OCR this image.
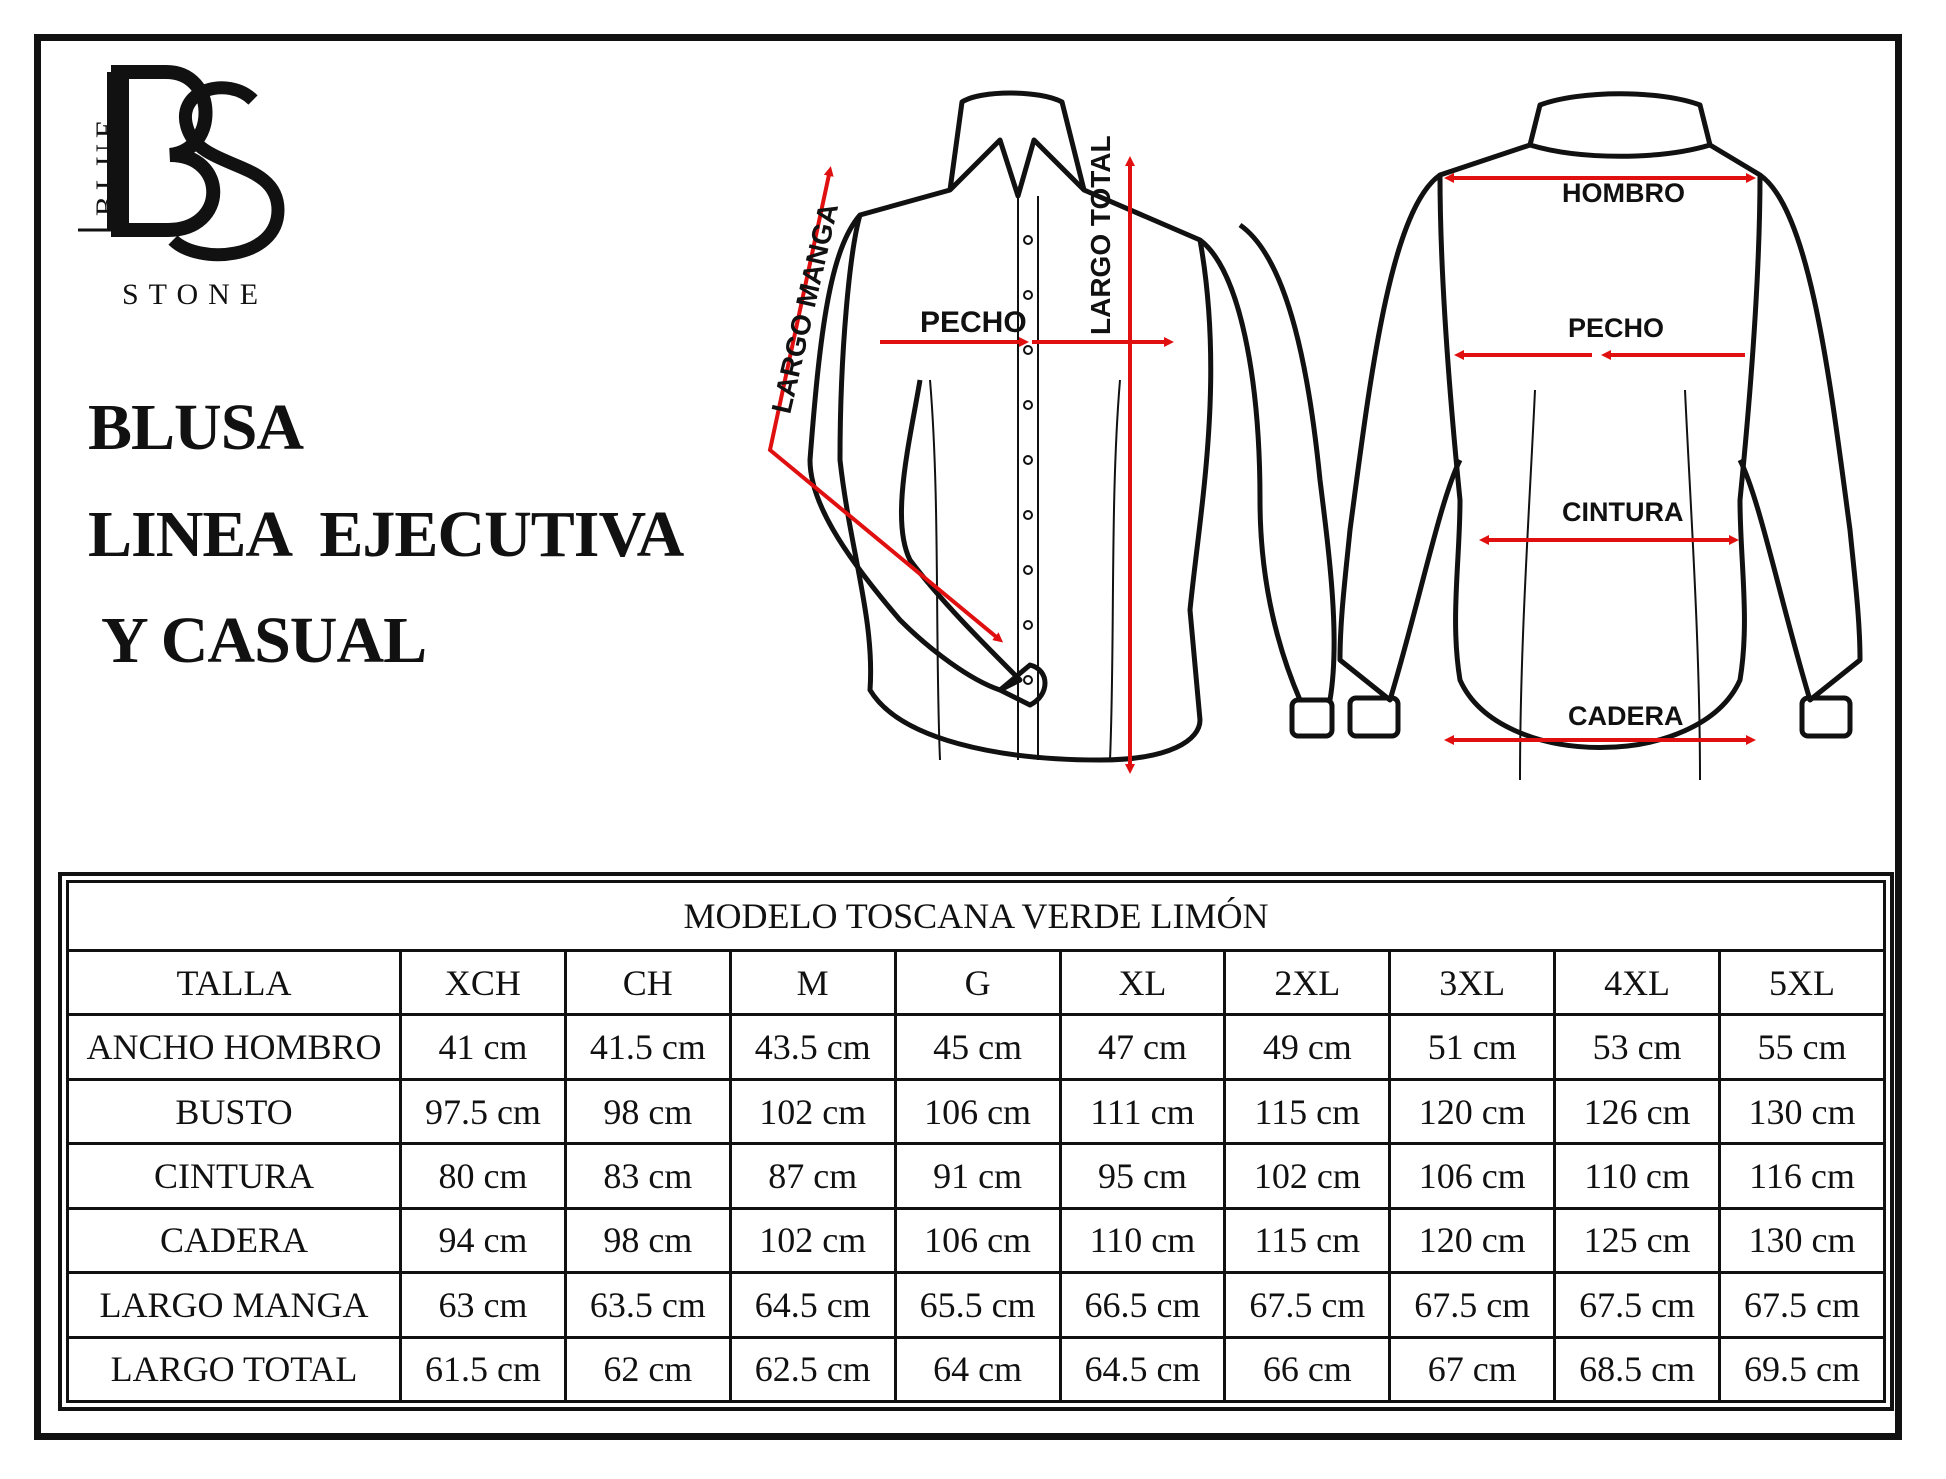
BLUE
STONE
BLUSA
LINEA  EJECUTIVA
Y CASUAL
PECHO LARGO TOTAL
LARGO MANGA
HOMBRO
PECHO
CINTURA
CADERA
MODELO TOSCANA VERDE LIMÓN									
TALLA	XCH	CH	M	G	XL	2XL	3XL	4XL	5XL
ANCHO HOMBRO	41 cm	41.5 cm	43.5 cm	45 cm	47 cm	49 cm	51 cm	53 cm	55 cm
BUSTO	97.5 cm	98 cm	102 cm	106 cm	111 cm	115 cm	120 cm	126 cm	130 cm
CINTURA	80 cm	83 cm	87 cm	91 cm	95 cm	102 cm	106 cm	110 cm	116 cm
CADERA	94 cm	98 cm	102 cm	106 cm	110 cm	115 cm	120 cm	125 cm	130 cm
LARGO MANGA	63 cm	63.5 cm	64.5 cm	65.5 cm	66.5 cm	67.5 cm	67.5 cm	67.5 cm	67.5 cm
LARGO TOTAL	61.5 cm	62 cm	62.5 cm	64 cm	64.5 cm	66 cm	67 cm	68.5 cm	69.5 cm
